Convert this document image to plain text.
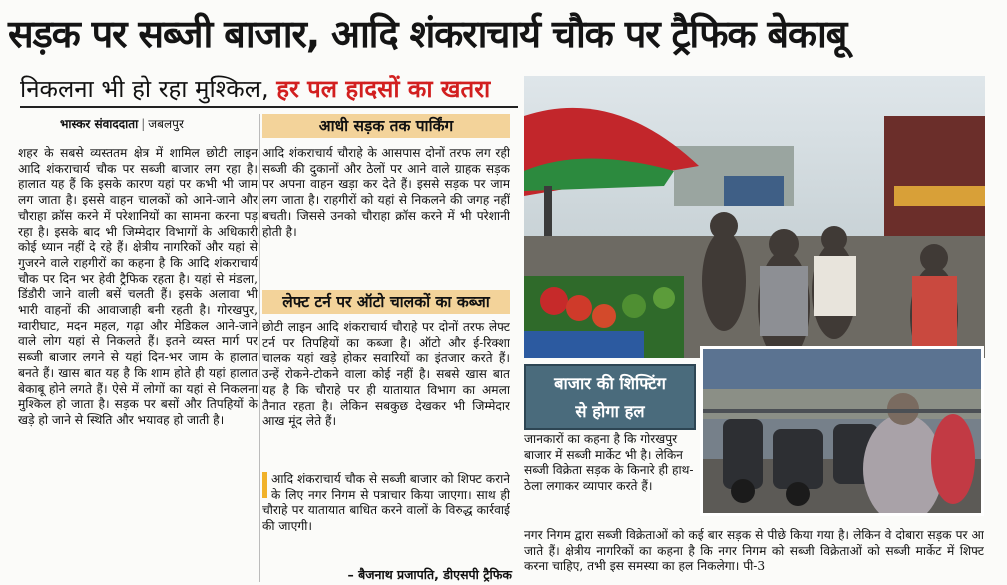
सड़क पर सब्जी बाजार, आदि शंकराचार्य चौक पर ट्रैफिक बेकाबू
निकलना भी हो रहा मुश्किल, हर पल हादसों का खतरा
भास्कर संवाददाता | जबलपुर
शहर के सबसे व्यस्ततम क्षेत्र में शामिल छोटी लाइन आदि शंकराचार्य चौक पर सब्जी बाजार लग रहा है। हालात यह हैं कि इसके कारण यहां पर कभी भी जाम लग जाता है। इससे वाहन चालकों को आने-जाने और चौराहा क्रॉस करने में परेशानियों का सामना करना पड़ रहा है। इसके बाद भी जिम्मेदार विभागों के अधिकारी कोई ध्यान नहीं दे रहे हैं। क्षेत्रीय नागरिकों और यहां से गुजरने वाले राहगीरों का कहना है कि आदि शंकराचार्य चौक पर दिन भर हेवी ट्रैफिक रहता है। यहां से मंडला, डिंडौरी जाने वाली बसें चलती हैं। इसके अलावा भी भारी वाहनों की आवाजाही बनी रहती है। गोरखपुर, ग्वारीघाट, मदन महल, गढ़ा और मेडिकल आने-जाने वाले लोग यहां से निकलते हैं। इतने व्यस्त मार्ग पर सब्जी बाजार लगने से यहां दिन-भर जाम के हालात बनते हैं। खास बात यह है कि शाम होते ही यहां हालात बेकाबू होने लगते हैं। ऐसे में लोगों का यहां से निकलना मुश्किल हो जाता है। सड़क पर बसों और तिपहियों के खड़े हो जाने से स्थिति और भयावह हो जाती है।
आधी सड़क तक पार्किंग
आदि शंकराचार्य चौराहे के आसपास दोनों तरफ लग रही सब्जी की दुकानों और ठेलों पर आने वाले ग्राहक सड़क पर अपना वाहन खड़ा कर देते हैं। इससे सड़क पर जाम लग जाता है। राहगीरों को यहां से निकलने की जगह नहीं बचती। जिससे उनको चौराहा क्रॉस करने में भी परेशानी होती है।
लेफ्ट टर्न पर ऑटो चालकों का कब्जा
छोटी लाइन आदि शंकराचार्य चौराहे पर दोनों तरफ लेफ्ट टर्न पर तिपहियों का कब्जा है। ऑटो और ई-रिक्शा चालक यहां खड़े होकर सवारियों का इंतजार करते हैं। उन्हें रोकने-टोकने वाला कोई नहीं है। सबसे खास बात यह है कि चौराहे पर ही यातायात विभाग का अमला तैनात रहता है। लेकिन सबकुछ देखकर भी जिम्मेदार आख मूंद लेते हैं।
आदि शंकराचार्य चौक से सब्जी बाजार को शिफ्ट कराने के लिए नगर निगम से पत्राचार किया जाएगा। साथ ही चौराहे पर यातायात बाधित करने वालों के विरुद्ध कार्रवाई की जाएगी।
– बैजनाथ प्रजापति, डीएसपी ट्रैफिक
बाजार की शिफ्टिंग
से होगा हल
जानकारों का कहना है कि गोरखपुर बाजार में सब्जी मार्केट भी है। लेकिन सब्जी विक्रेता सड़क के किनारे ही हाथ-ठेला लगाकर व्यापार करते हैं।
नगर निगम द्वारा सब्जी विक्रेताओं को कई बार सड़क से पीछे किया गया है। लेकिन वे दोबारा सड़क पर आ जाते हैं। क्षेत्रीय नागरिकों का कहना है कि नगर निगम को सब्जी विक्रेताओं को सब्जी मार्केट में शिफ्ट करना चाहिए, तभी इस समस्या का हल निकलेगा। पी-3
